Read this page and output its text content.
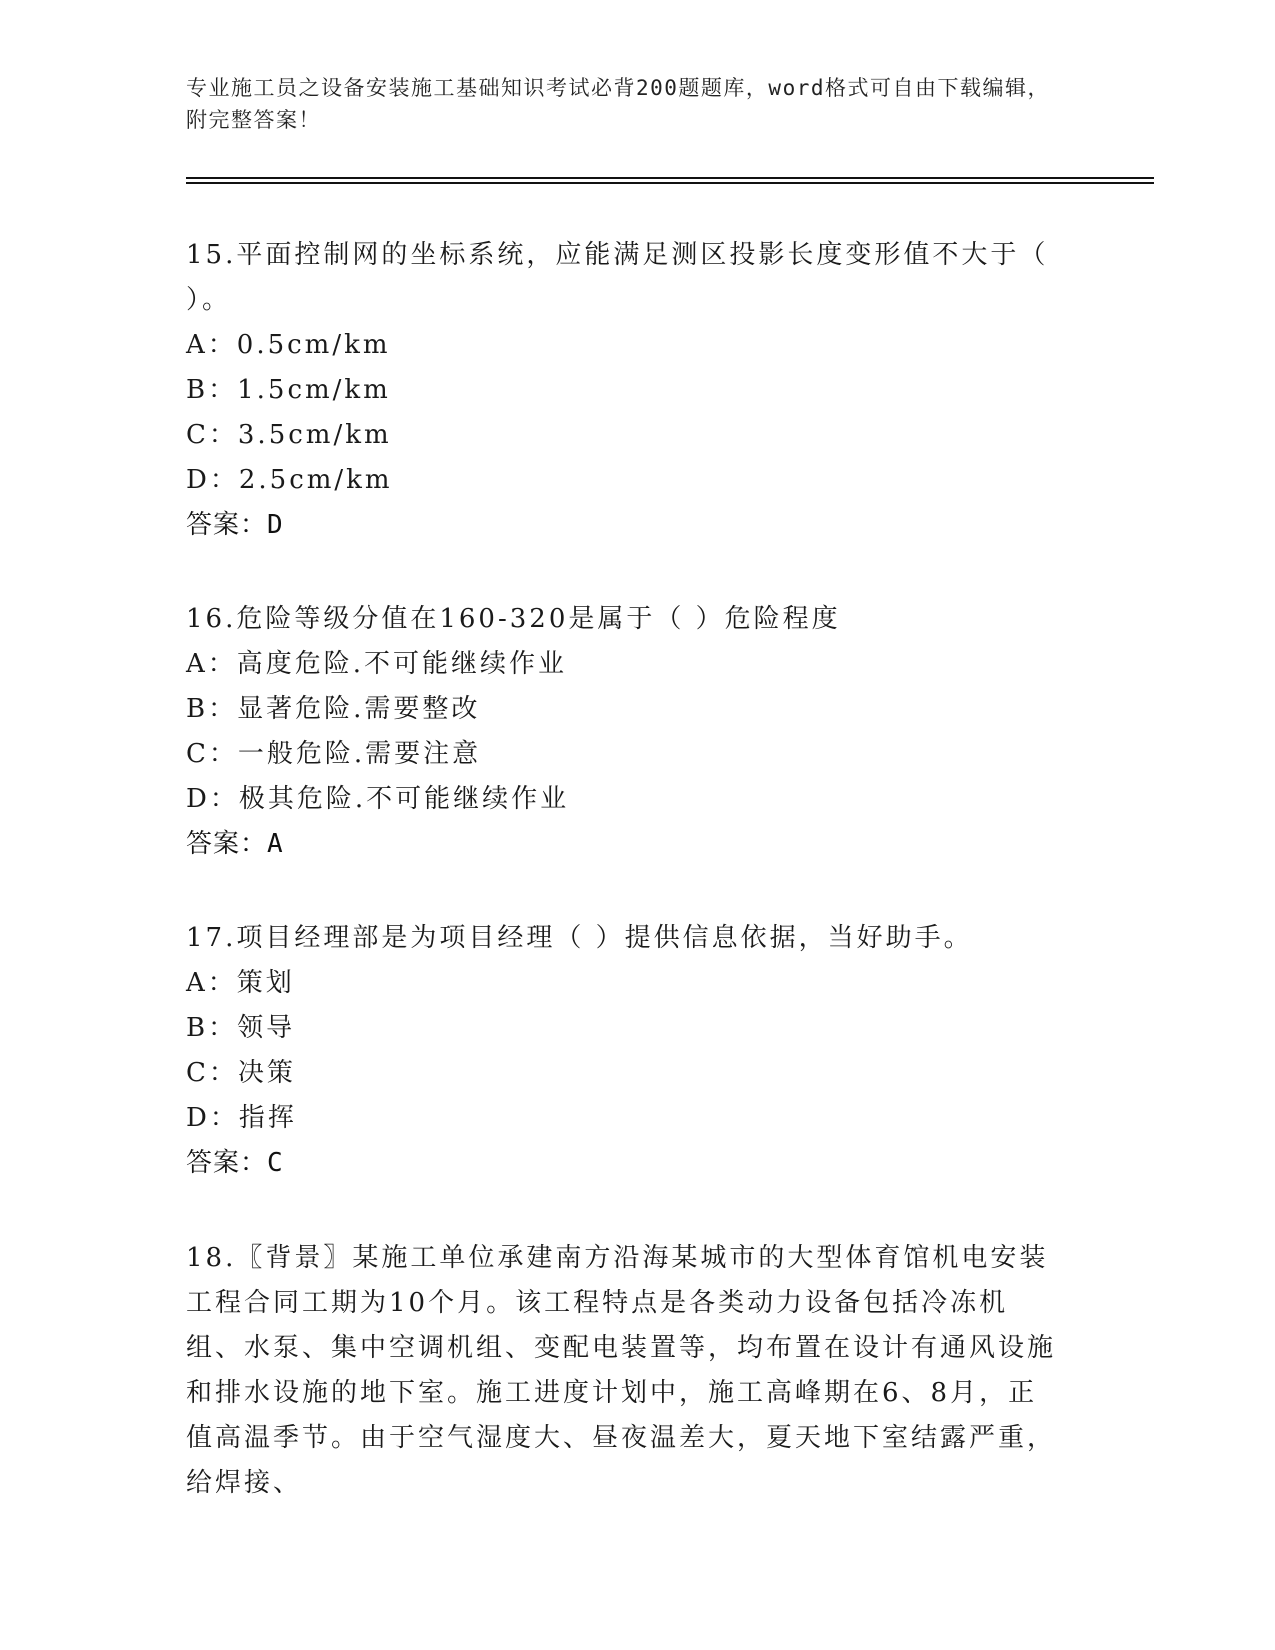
专业施工员之设备安装施工基础知识考试必背200题题库，word格式可自由下载编辑，附完整答案！

15.平面控制网的坐标系统，应能满足测区投影长度变形值不大于（ ）。

A：0.5cm/km

B：1.5cm/km

C：3.5cm/km

D：2.5cm/km

答案：D

16.危险等级分值在160-320是属于（ ）危险程度

A：高度危险.不可能继续作业

B：显著危险.需要整改

C：一般危险.需要注意

D：极其危险.不可能继续作业

答案：A

17.项目经理部是为项目经理（ ）提供信息依据，当好助手。

A：策划

B：领导

C：决策

D：指挥

答案：C

18.〖背景〗某施工单位承建南方沿海某城市的大型体育馆机电安装工程合同工期为10个月。该工程特点是各类动力设备包括冷冻机组、水泵、集中空调机组、变配电装置等，均布置在设计有通风设施和排水设施的地下室。施工进度计划中，施工高峰期在6、8月，正值高温季节。由于空气湿度大、昼夜温差大，夏天地下室结露严重，给焊接、
